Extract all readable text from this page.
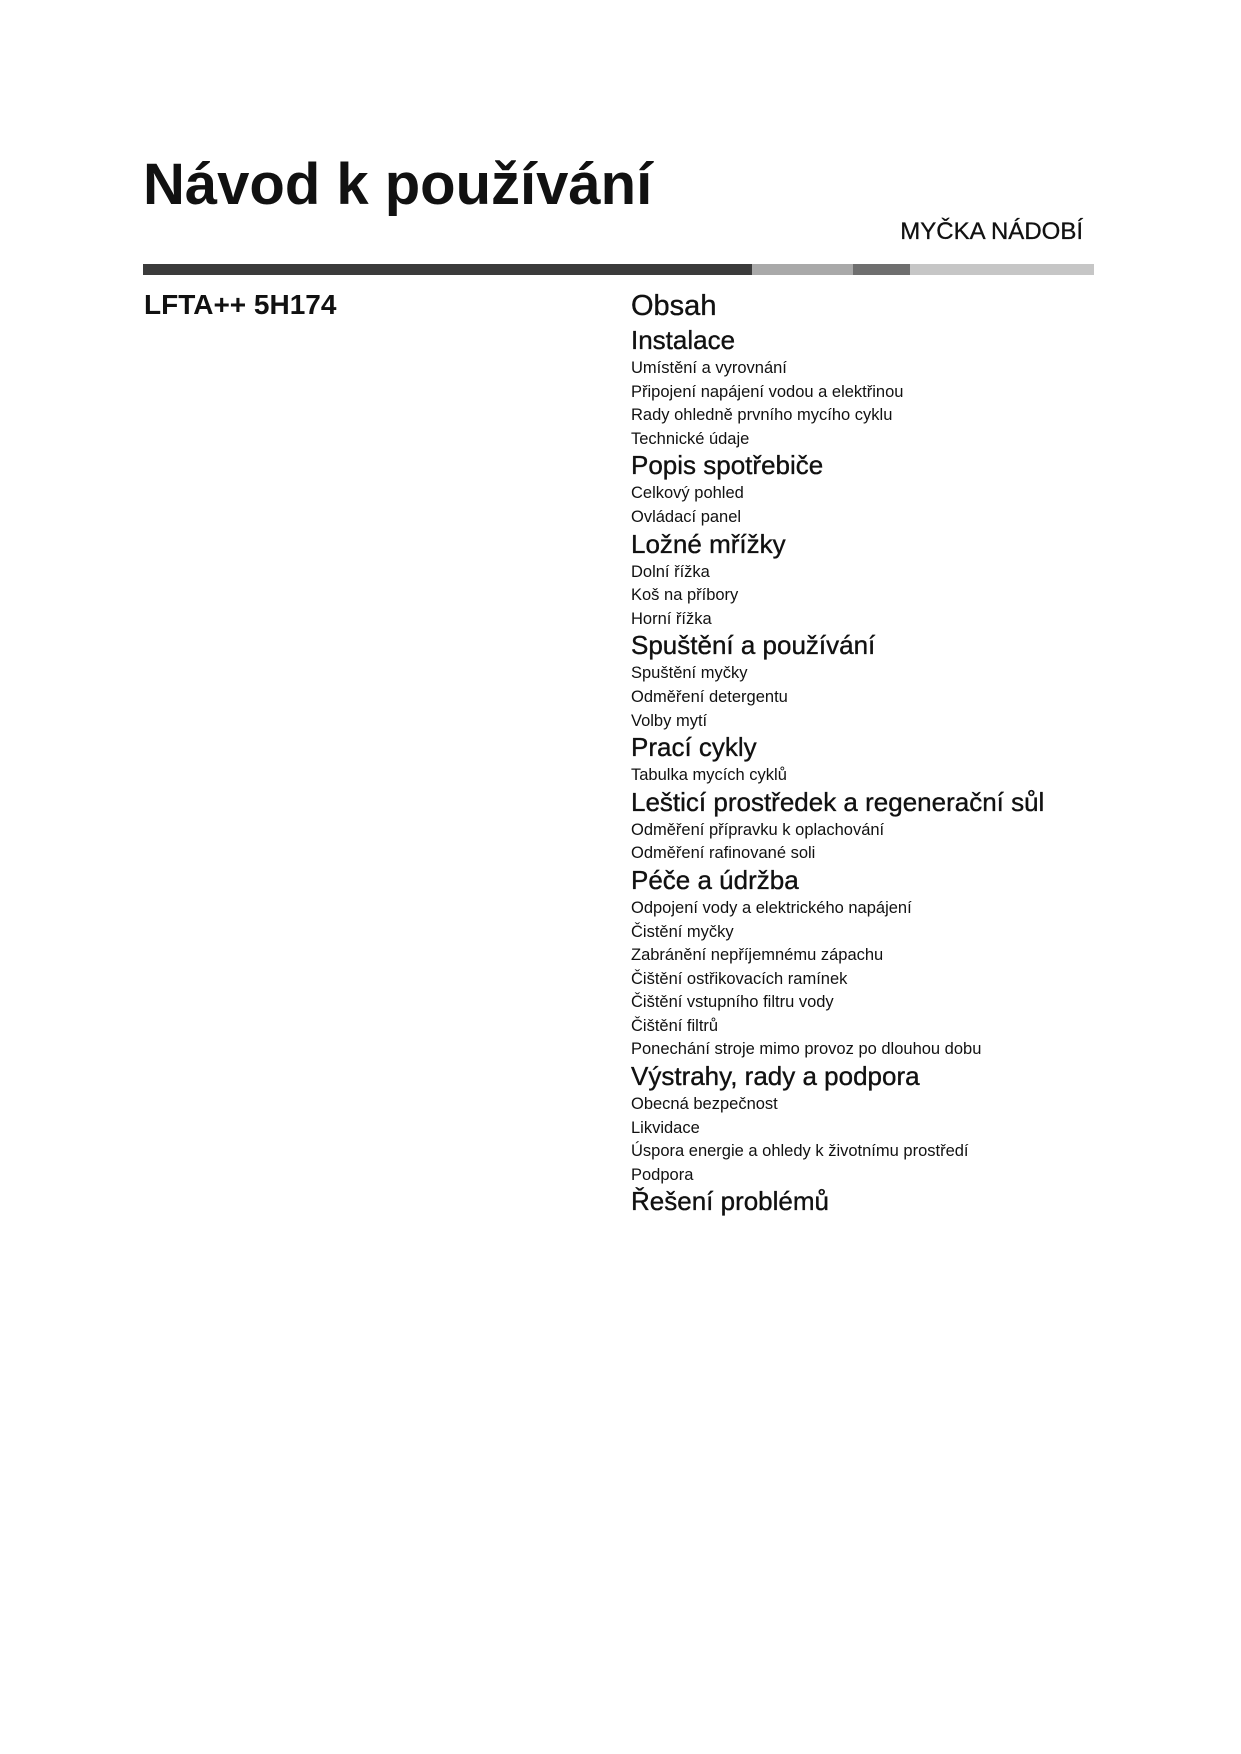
Návod k používání
MYČKA NÁDOBÍ
LFTA++ 5H174	Obsah
Instalace
Umístění a vyrovnání
Připojení napájení vodou a elektřinou
Rady ohledně prvního mycího cyklu
Technické údaje
Popis spotřebiče
Celkový pohled
Ovládací panel
Ložné mřížky
Dolní řížka
Koš na příbory
Horní řížka
Spuštění a používání
Spuštění myčky
Odměření detergentu
Volby mytí
Prací cykly
Tabulka mycích cyklů
Lešticí prostředek a regenerační sůl
Odměření přípravku k oplachování
Odměření rafinované soli
Péče a údržba
Odpojení vody a elektrického napájení
Čistění myčky
Zabránění nepříjemnému zápachu
Čištění ostřikovacích ramínek
Čištění vstupního filtru vody
Čištění filtrů
Ponechání stroje mimo provoz po dlouhou dobu
Výstrahy, rady a podpora
Obecná bezpečnost
Likvidace
Úspora energie a ohledy k životnímu prostředí
Podpora
Řešení problémů
